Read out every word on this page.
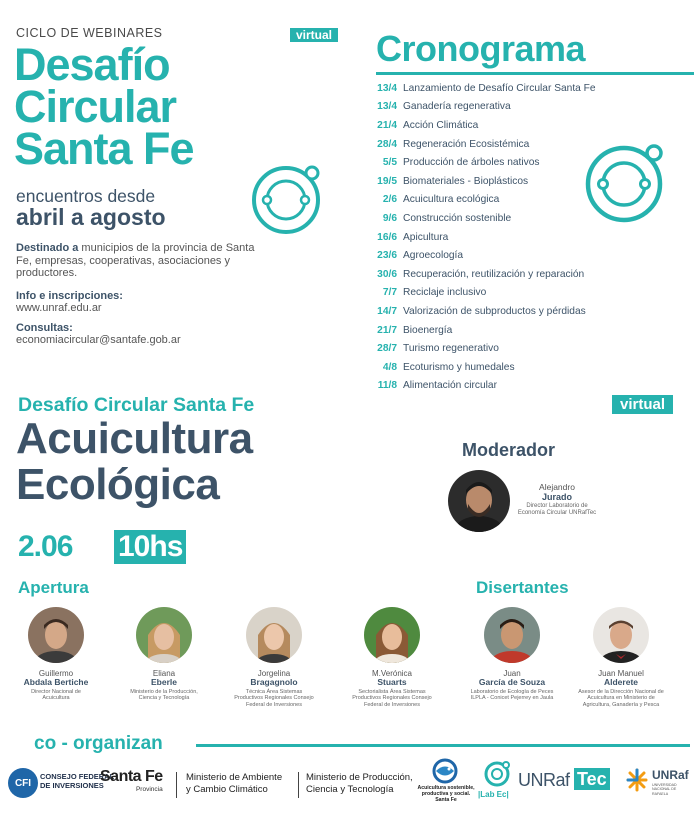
CICLO DE WEBINARES	virtual
Desafío
Circular
Santa Fe
encuentros desde
abril a agosto
Destinado a municipios de la provincia de Santa Fe, empresas, cooperativas, asociaciones y productores.
Info e inscripciones:
www.unraf.edu.ar
Consultas:
economiacircular@santafe.gob.ar
Cronograma
13/4 Lanzamiento de Desafío Circular Santa Fe
13/4 Ganadería regenerativa
21/4 Acción Climática
28/4 Regeneración Ecosistémica
5/5 Producción de árboles nativos
19/5 Biomateriales - Bioplásticos
2/6 Acuicultura ecológica
9/6 Construcción sostenible
16/6 Apicultura
23/6 Agroecología
30/6 Recuperación, reutilización y reparación
7/7 Reciclaje inclusivo
14/7 Valorización de subproductos y pérdidas
21/7 Bioenergía
28/7 Turismo regenerativo
4/8 Ecoturismo y humedales
11/8 Alimentación circular
Desafío Circular Santa Fe	virtual
Acuicultura
Ecológica
2.06 10hs
Moderador
Alejandro
Jurado
Director Laboratorio de Economía Circular UNRafTec
Apertura	Disertantes
Guillermo
Abdala Bertiche
Director Nacional de Acuicultura
Eliana
Eberle
Ministerio de la Producción, Ciencia y Tecnología
Jorgelina
Bragagnolo
Técnica Área Sistemas Productivos Regionales Consejo Federal de Inversiones
M.Verónica
Stuarts
Sectorialista Área Sistemas Productivos Regionales Consejo Federal de Inversiones
Juan
García de Souza
Laboratorio de Ecología de Peces ILPLA - Conicet Pejerrey en Jaula
Juan Manuel
Alderete
Asesor de la Dirección Nacional de Acuicultura en Ministerio de Agricultura, Ganadería y Pesca
co - organizan
CFI
CONSEJO FEDERAL
DE INVERSIONES
Santa Fe
Provincia
Ministerio de Ambiente
y Cambio Climático
Ministerio de Producción,
Ciencia y Tecnología	Acuicultura sostenible,
productiva y social.
Santa Fe
|Lab Ec|
UNRaf Tec	UNRaf
UNIVERSIDAD
NACIONAL DE
RAFAELA
